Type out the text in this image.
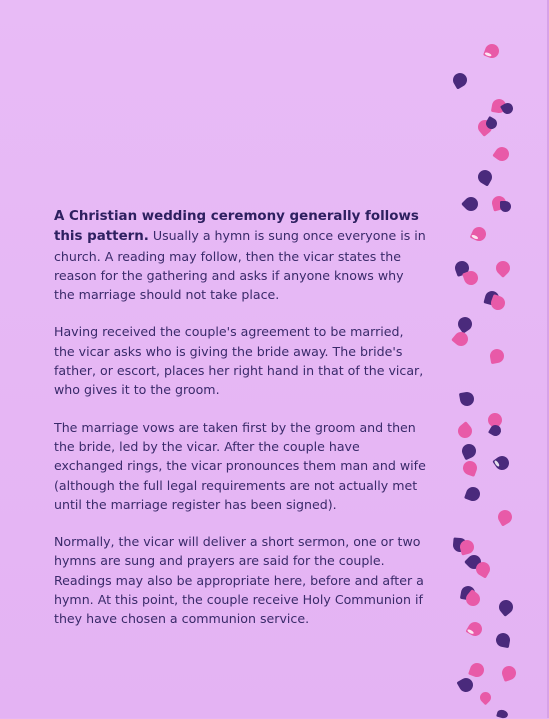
A Christian wedding ceremony generally follows this pattern. Usually a hymn is sung once everyone is in church. A reading may follow, then the vicar states the reason for the gathering and asks if anyone knows why the marriage should not take place.

Having received the couple's agreement to be married, the vicar asks who is giving the bride away. The bride's father, or escort, places her right hand in that of the vicar, who gives it to the groom.

The marriage vows are taken first by the groom and then the bride, led by the vicar. After the couple have exchanged rings, the vicar pronounces them man and wife (although the full legal requirements are not actually met until the marriage register has been signed).

Normally, the vicar will deliver a short sermon, one or two hymns are sung and prayers are said for the couple. Readings may also be appropriate here, before and after a hymn. At this point, the couple receive Holy Communion if they have chosen a communion service.
